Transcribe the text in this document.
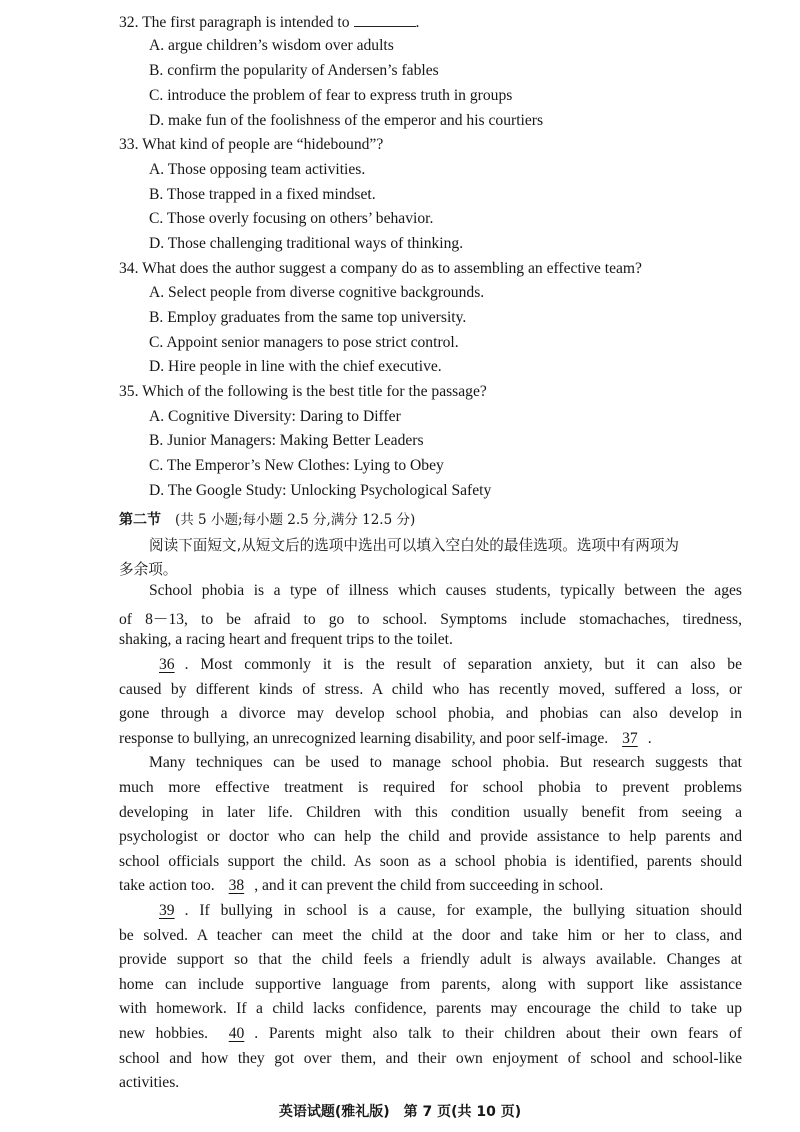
32. The first paragraph is intended to	.
A. argue children’s wisdom over adults
B. confirm the popularity of Andersen’s fables
C. introduce the problem of fear to express truth in groups
D. make fun of the foolishness of the emperor and his courtiers
33. What kind of people are “hidebound”?
A. Those opposing team activities.
B. Those trapped in a fixed mindset.
C. Those overly focusing on others’ behavior.
D. Those challenging traditional ways of thinking.
34. What does the author suggest a company do as to assembling an effective team?
A. Select people from diverse cognitive backgrounds.
B. Employ graduates from the same top university.
C. Appoint senior managers to pose strict control.
D. Hire people in line with the chief executive.
35. Which of the following is the best title for the passage?
A. Cognitive Diversity: Daring to Differ
B. Junior Managers: Making Better Leaders
C. The Emperor’s New Clothes: Lying to Obey
D. The Google Study: Unlocking Psychological Safety
第二节 (共 5 小题;每小题 2.5 分,满分 12.5 分)
阅读下面短文,从短文后的选项中选出可以填入空白处的最佳选项。选项中有两项为
多余项。
School phobia is a type of illness which causes students, typically between the ages
of 8－13, to be afraid to go to school. Symptoms include stomachaches, tiredness,
shaking, a racing heart and frequent trips to the toilet.
36 . Most commonly it is the result of separation anxiety, but it can also be
caused by different kinds of stress. A child who has recently moved, suffered a loss, or
gone through a divorce may develop school phobia, and phobias can also develop in
response to bullying, an unrecognized learning disability, and poor self-image. 37 .
Many techniques can be used to manage school phobia. But research suggests that
much more effective treatment is required for school phobia to prevent problems
developing in later life. Children with this condition usually benefit from seeing a
psychologist or doctor who can help the child and provide assistance to help parents and
school officials support the child. As soon as a school phobia is identified, parents should
take action too. 38 , and it can prevent the child from succeeding in school.
39 . If bullying in school is a cause, for example, the bullying situation should
be solved. A teacher can meet the child at the door and take him or her to class, and
provide support so that the child feels a friendly adult is always available. Changes at
home can include supportive language from parents, along with support like assistance
with homework. If a child lacks confidence, parents may encourage the child to take up
new hobbies. 40 . Parents might also talk to their children about their own fears of
school and how they got over them, and their own enjoyment of school and school-like
activities.
英语试题(雅礼版)　第 7 页(共 10 页)
